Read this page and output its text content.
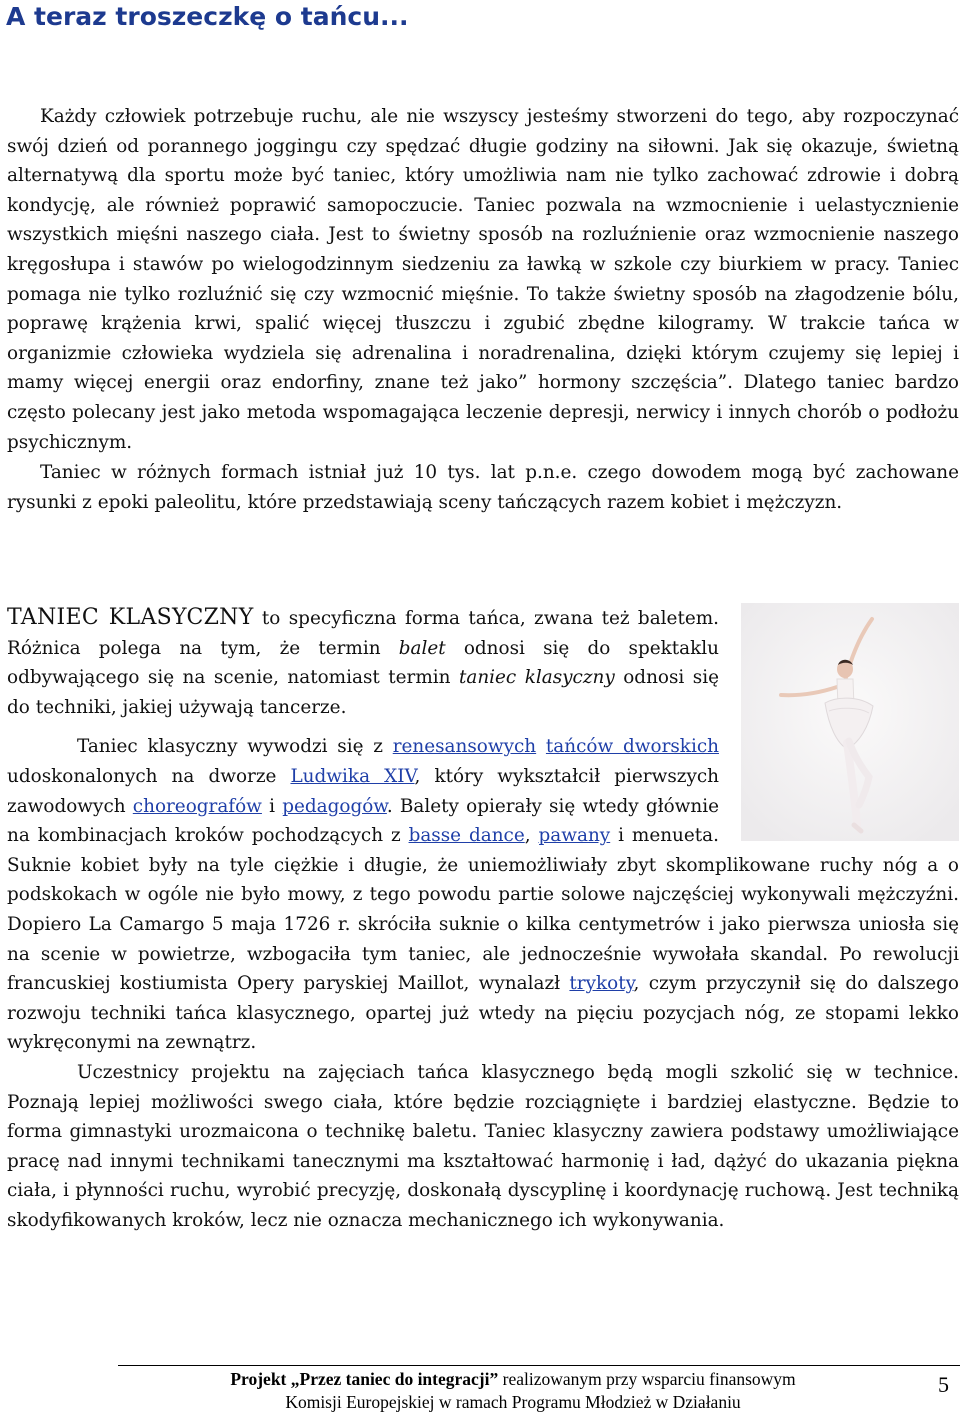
A teraz troszeczkę o tańcu...

Każdy człowiek potrzebuje ruchu, ale nie wszyscy jesteśmy stworzeni do tego, aby rozpoczynać swój dzień od porannego joggingu czy spędzać długie godziny na siłowni. Jak się okazuje, świetną alternatywą dla sportu może być taniec, który umożliwia nam nie tylko zachować zdrowie i dobrą kondycję, ale również poprawić samopoczucie. Taniec pozwala na wzmocnienie i uelastycznienie wszystkich mięśni naszego ciała. Jest to świetny sposób na rozluźnienie oraz wzmocnienie naszego kręgosłupa i stawów po wielogodzinnym siedzeniu za ławką w szkole czy biurkiem w pracy. Taniec pomaga nie tylko rozluźnić się czy wzmocnić mięśnie. To także świetny sposób na złagodzenie bólu, poprawę krążenia krwi, spalić więcej tłuszczu i zgubić zbędne kilogramy. W trakcie tańca w organizmie człowieka wydziela się adrenalina i noradrenalina, dzięki którym czujemy się lepiej i mamy więcej energii oraz endorfiny, znane też jako” hormony szczęścia”. Dlatego taniec bardzo często polecany jest jako metoda wspomagająca leczenie depresji, nerwicy i innych chorób o podłożu psychicznym.

Taniec w różnych formach istniał już 10 tys. lat p.n.e. czego dowodem mogą być zachowane rysunki z epoki paleolitu, które przedstawiają sceny tańczących razem kobiet i mężczyzn.

TANIEC KLASYCZNY to specyficzna forma tańca, zwana też baletem. Różnica polega na tym, że termin balet odnosi się do spektaklu odbywającego się na scenie, natomiast termin taniec klasyczny odnosi się do techniki, jakiej używają tancerze.

Taniec klasyczny wywodzi się z renesansowych tańców dworskich udoskonalonych na dworze Ludwika XIV, który wykształcił pierwszych zawodowych choreografów i pedagogów. Balety opierały się wtedy głównie na kombinacjach kroków pochodzących z basse dance, pawany i menueta. Suknie kobiet były na tyle ciężkie i długie, że uniemożliwiały zbyt skomplikowane ruchy nóg a o podskokach w ogóle nie było mowy, z tego powodu partie solowe najczęściej wykonywali mężczyźni. Dopiero La Camargo 5 maja 1726 r. skróciła suknie o kilka centymetrów i jako pierwsza uniosła się na scenie w powietrze, wzbogaciła tym taniec, ale jednocześnie wywołała skandal. Po rewolucji francuskiej kostiumista Opery paryskiej Maillot, wynalazł trykoty, czym przyczynił się do dalszego rozwoju techniki tańca klasycznego, opartej już wtedy na pięciu pozycjach nóg, ze stopami lekko wykręconymi na zewnątrz.

Uczestnicy projektu na zajęciach tańca klasycznego będą mogli szkolić się w technice. Poznają lepiej możliwości swego ciała, które będzie rozciągnięte i bardziej elastyczne. Będzie to forma gimnastyki urozmaicona o technikę baletu. Taniec klasyczny zawiera podstawy umożliwiające pracę nad innymi technikami tanecznymi ma kształtować harmonię i ład, dążyć do ukazania piękna ciała, i płynności ruchu, wyrobić precyzję, doskonałą dyscyplinę i koordynację ruchową. Jest techniką skodyfikowanych kroków, lecz nie oznacza mechanicznego ich wykonywania.

Projekt „Przez taniec do integracji” realizowanym przy wsparciu finansowym
Komisji Europejskiej w ramach Programu Młodzież w Działaniu
5
